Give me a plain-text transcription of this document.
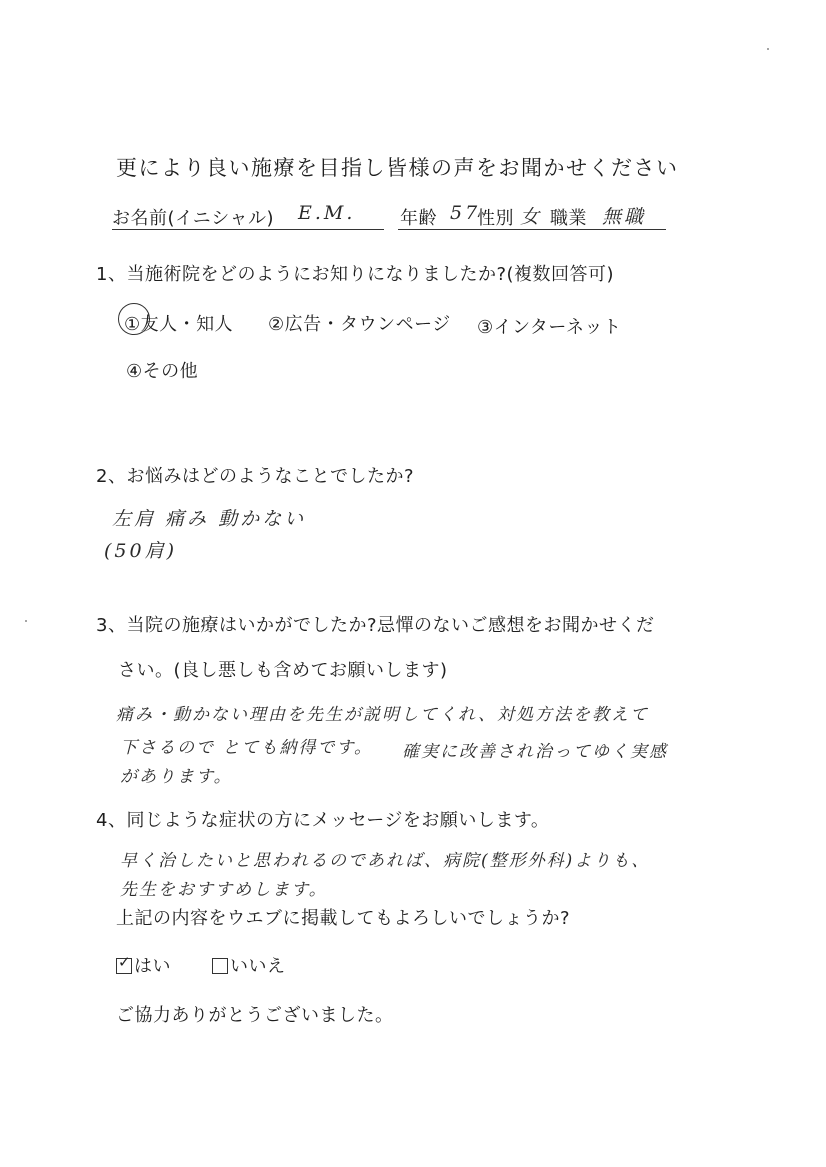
更により良い施療を目指し皆様の声をお聞かせください
お名前(イニシャル) E.M. 年齢 57
性別 女 職業 無職
1、当施術院をどのようにお知りになりましたか?(複数回答可)
①友人・知人 ②広告・タウンページ ③インターネット
④その他
2、お悩みはどのようなことでしたか?
左肩 痛み 動かない
(50肩)
3、当院の施療はいかがでしたか?忌憚のないご感想をお聞かせくだ
さい。(良し悪しも含めてお願いします)
痛み・動かない理由を先生が説明してくれ、対処方法を教えて
下さるので とても納得です。 確実に改善され治ってゆく実感
があります。
4、同じような症状の方にメッセージをお願いします。
早く治したいと思われるのであれば、病院(整形外科)よりも、
先生をおすすめします。
上記の内容をウエブに掲載してもよろしいでしょうか?
✓ はい	いいえ
ご協力ありがとうございました。
